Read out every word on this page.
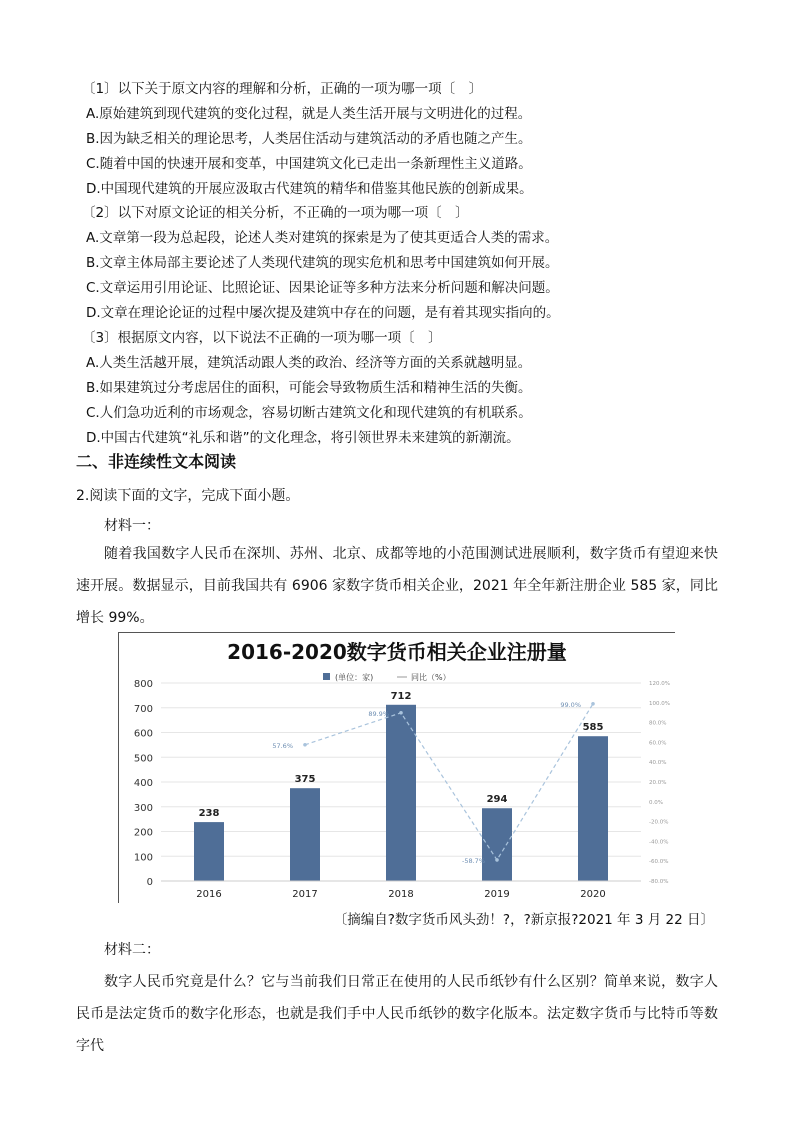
〔1〕以下关于原文内容的理解和分析，正确的一项为哪一项〔　〕
A.原始建筑到现代建筑的变化过程，就是人类生活开展与文明进化的过程。
B.因为缺乏相关的理论思考，人类居住活动与建筑活动的矛盾也随之产生。
C.随着中国的快速开展和变革，中国建筑文化已走出一条新理性主义道路。
D.中国现代建筑的开展应汲取古代建筑的精华和借鉴其他民族的创新成果。
〔2〕以下对原文论证的相关分析，不正确的一项为哪一项〔　〕
A.文章第一段为总起段，论述人类对建筑的探索是为了使其更适合人类的需求。
B.文章主体局部主要论述了人类现代建筑的现实危机和思考中国建筑如何开展。
C.文章运用引用论证、比照论证、因果论证等多种方法来分析问题和解决问题。
D.文章在理论论证的过程中屡次提及建筑中存在的问题，是有着其现实指向的。
〔3〕根据原文内容，以下说法不正确的一项为哪一项〔　〕
A.人类生活越开展，建筑活动跟人类的政治、经济等方面的关系就越明显。
B.如果建筑过分考虑居住的面积，可能会导致物质生活和精神生活的失衡。
C.人们急功近利的市场观念，容易切断古建筑文化和现代建筑的有机联系。
D.中国古代建筑“礼乐和谐”的文化理念，将引领世界未来建筑的新潮流。
二、非连续性文本阅读
2.阅读下面的文字，完成下面小题。
材料一：
随着我国数字人民币在深圳、苏州、北京、成都等地的小范围测试进展顺利，数字货币有望迎来快速开展。数据显示，目前我国共有 6906 家数字货币相关企业，2021 年全年新注册企业 585 家，同比增长 99%。
2016-2020数字货币相关企业注册量
(单位：家)	同比（%）
0
100
200
300
400
500
600
700
800	120.0%
100.0%
80.0%
60.0%
40.0%
20.0%
0.0%
-20.0%
-40.0%
-60.0%
-80.0%
238
2016
375
2017
712
2018
294
2019
585
2020
57.6%
89.9%
-58.7%
99.0%
〔摘编自?数字货币风头劲！?，?新京报?2021 年 3 月 22 日〕
材料二：
数字人民币究竟是什么？它与当前我们日常正在使用的人民币纸钞有什么区别？简单来说，数字人民币是法定货币的数字化形态，也就是我们手中人民币纸钞的数字化版本。法定数字货币与比特币等数字代
